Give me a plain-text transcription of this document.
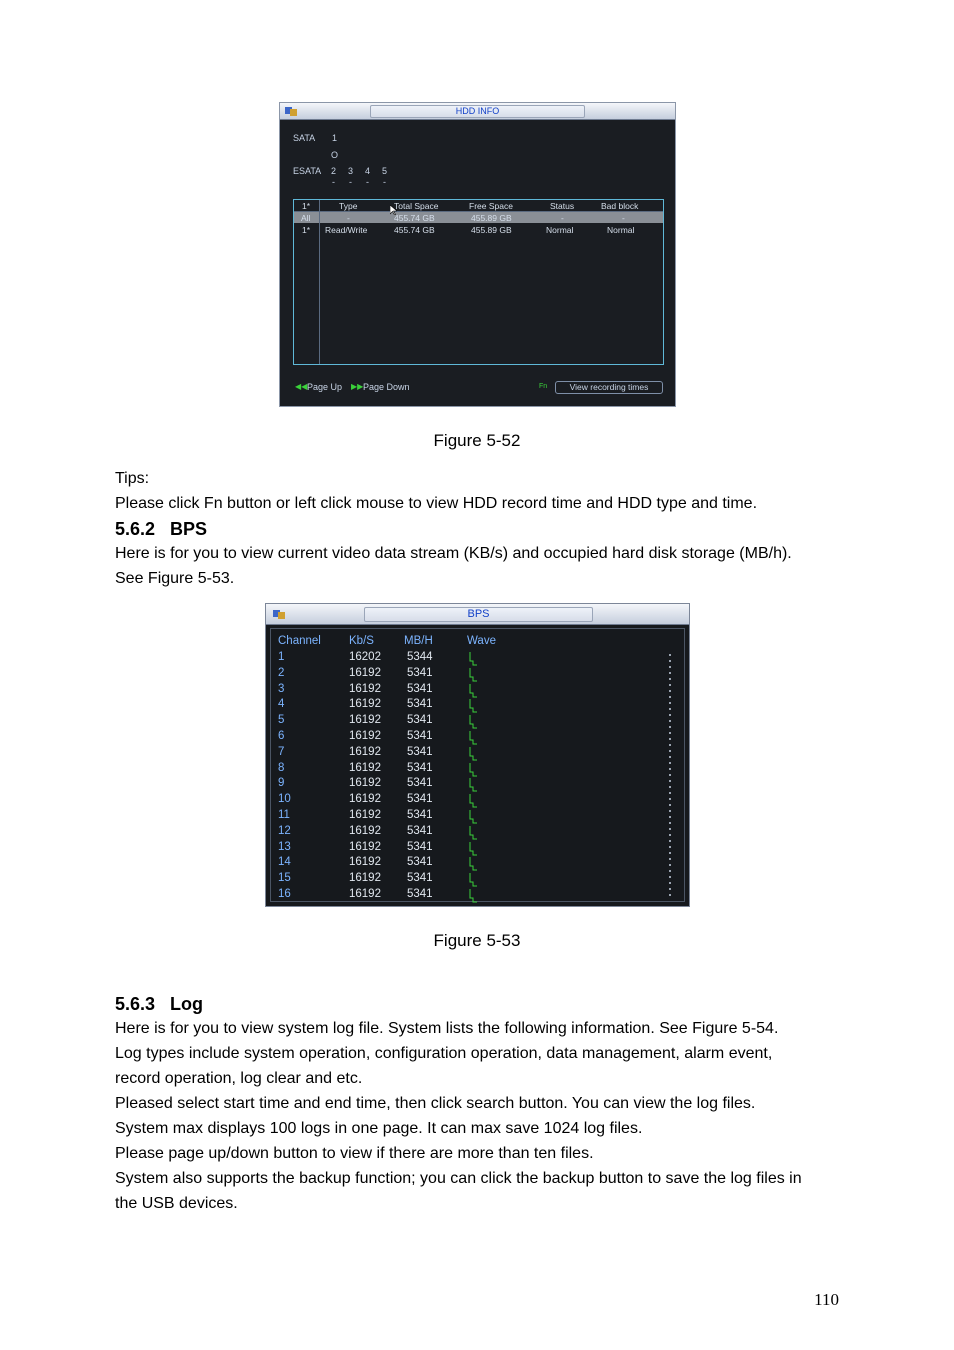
HDD INFO
SATA 1
O
ESATA 2 3 4 5
- - - -
1*	Type	Total Space	Free Space	Status	Bad block
All	-	455.74 GB	455.89 GB	-	-
1* Read/Write	455.74 GB	455.89 GB	Normal	Normal
◀◀ Page Up ▶▶ Page Down	Fn	View recording times
Figure 5-52
Tips:
Please click Fn button or left click mouse to view HDD record time and HDD type and time.
5.6.2 BPS
Here is for you to view current video data stream (KB/s) and occupied hard disk storage (MB/h).
See Figure 5-53.
BPS
Channel Kb/S	MB/H	Wave
1	16202 5344
2	16192 5341
3	16192 5341
4	16192 5341
5	16192 5341
6	16192 5341
7	16192 5341
8	16192 5341
9	16192 5341
10	16192 5341
11	16192 5341
12	16192 5341
13	16192 5341
14	16192 5341
15	16192 5341
16	16192 5341
Figure 5-53
5.6.3 Log
Here is for you to view system log file. System lists the following information. See Figure 5-54.
Log types include system operation, configuration operation, data management, alarm event,
record operation, log clear and etc.
Pleased select start time and end time, then click search button. You can view the log files.
System max displays 100 logs in one page. It can max save 1024 log files.
Please page up/down button to view if there are more than ten files.
System also supports the backup function; you can click the backup button to save the log files in
the USB devices.
110
